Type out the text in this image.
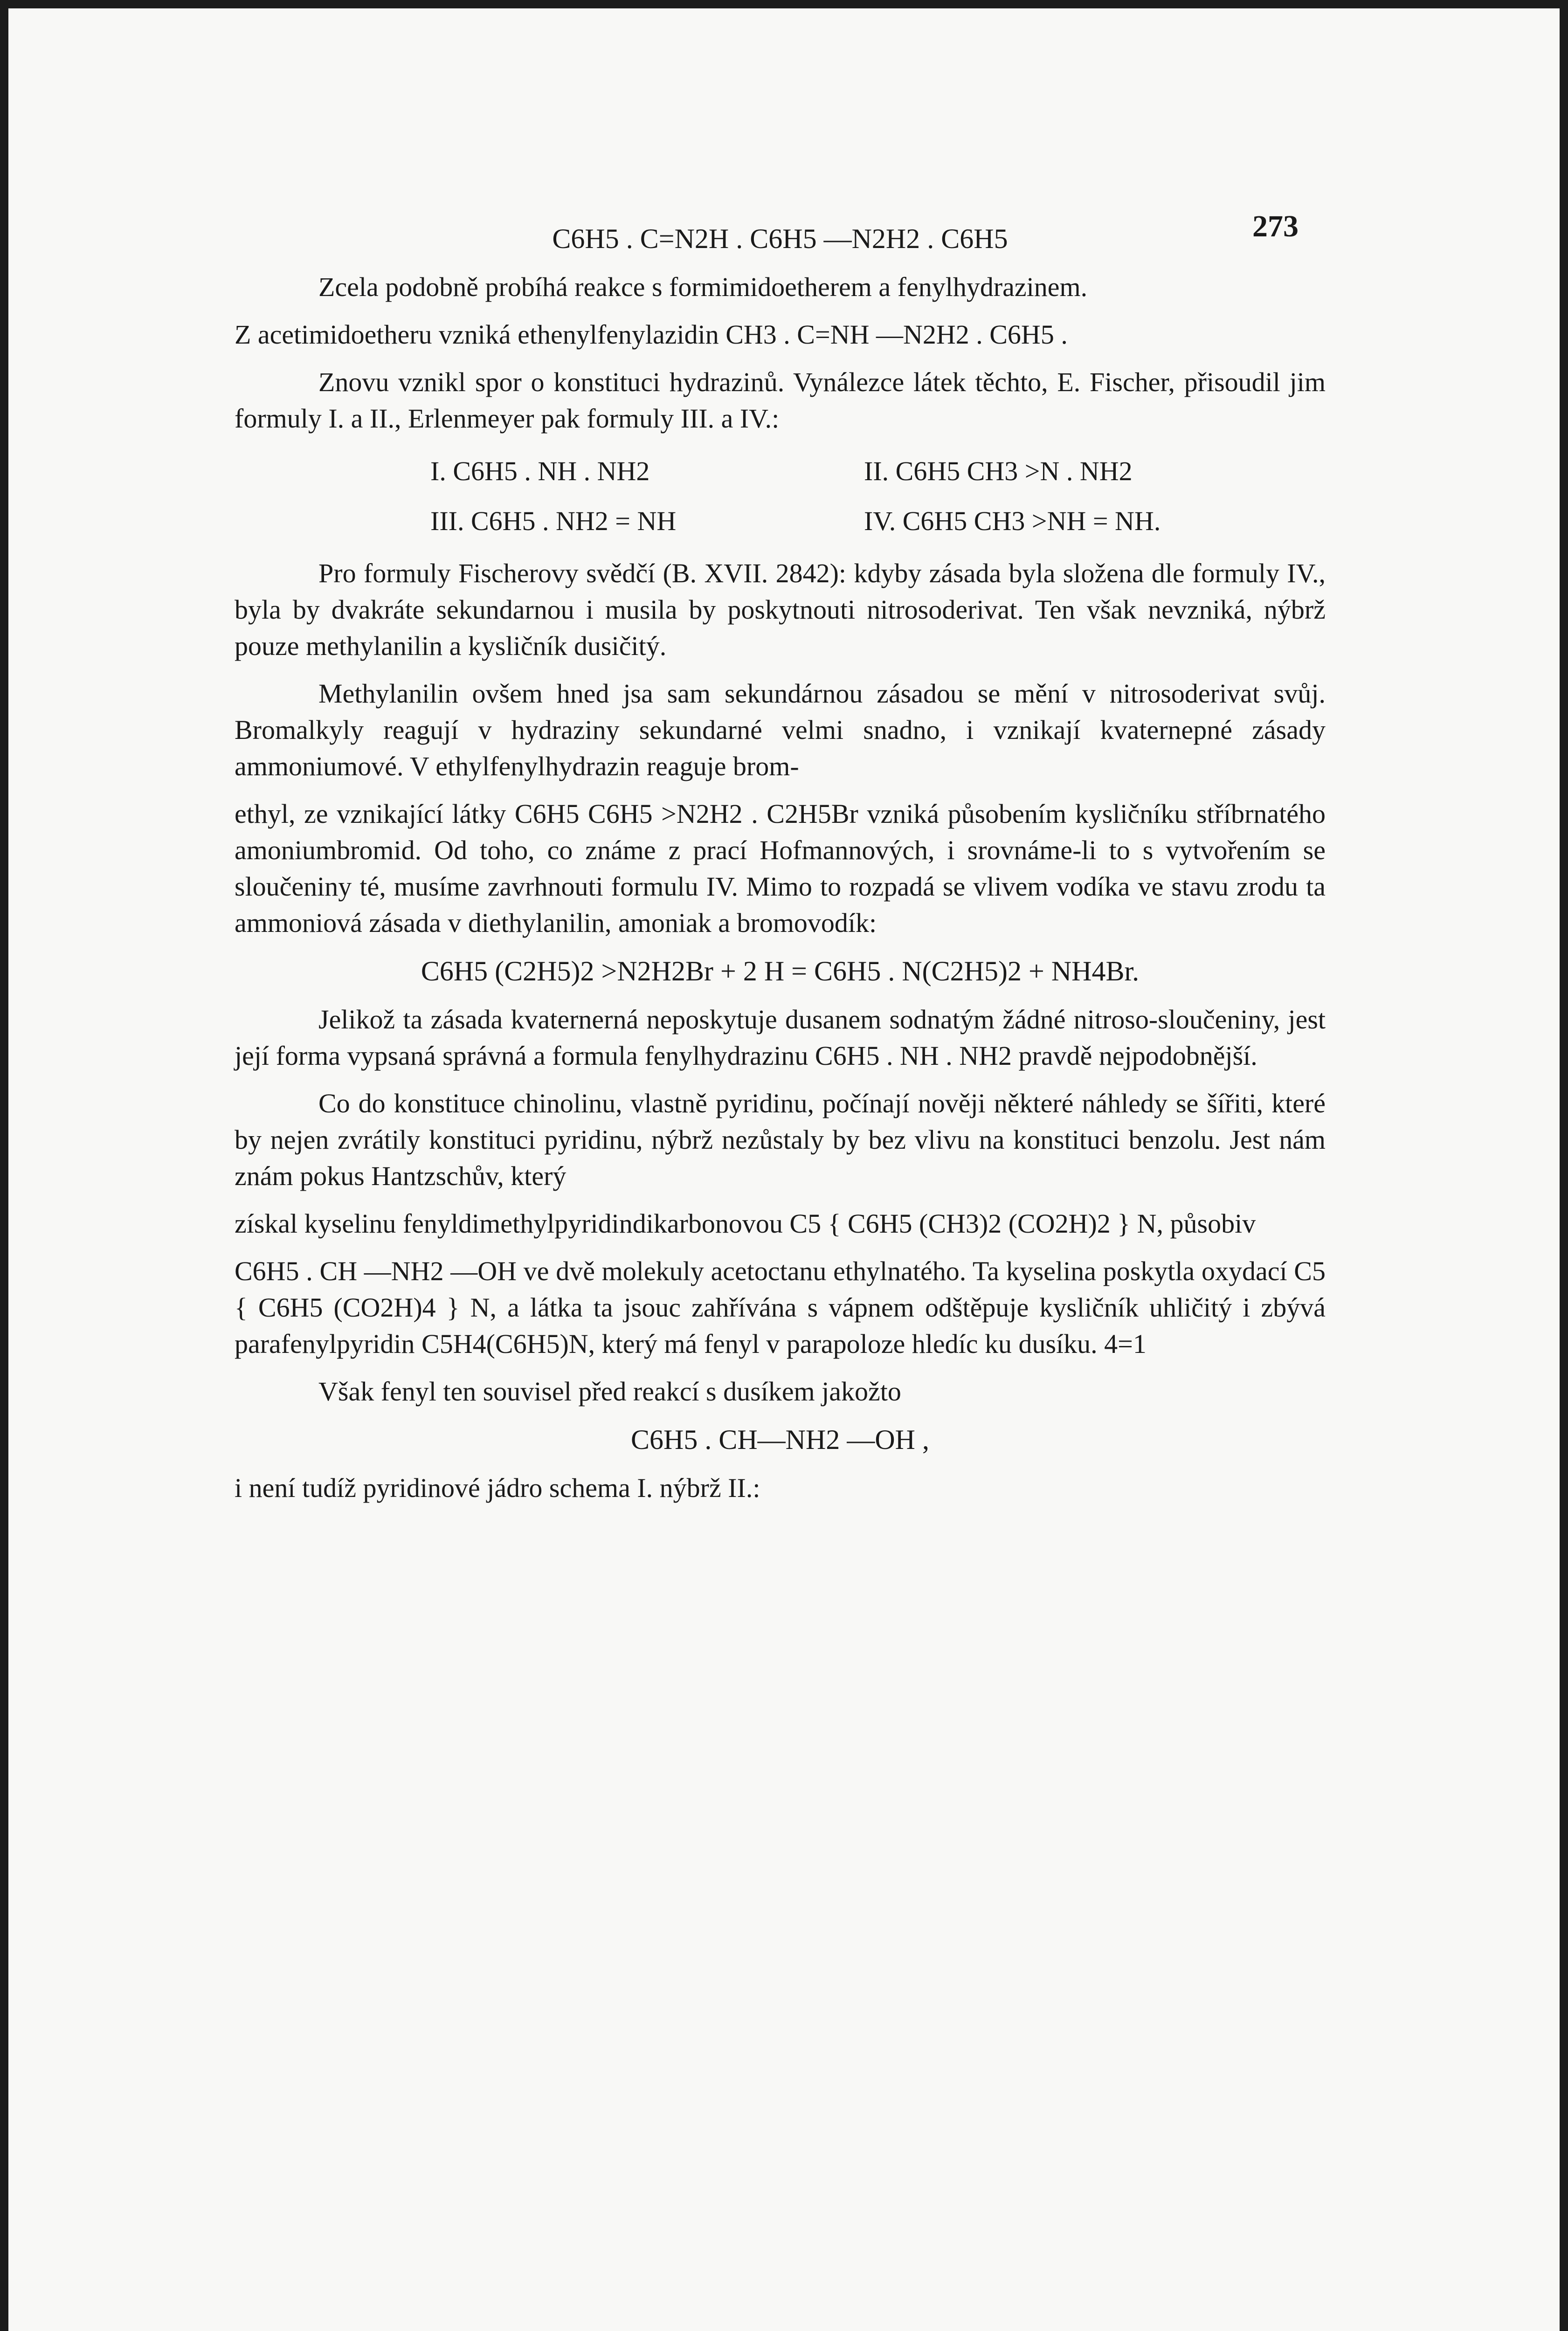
273
C6H5 . C=N2H . C6H5 —N2H2 . C6H5

Zcela podobně probíhá reakce s formimidoetherem a fenylhydrazinem.

Z acetimidoetheru vzniká ethenylfenylazidin CH3 . C=NH —N2H2 . C6H5 .

Znovu vznikl spor o konstituci hydrazinů. Vynálezce látek těchto, E. Fischer, přisoudil jim formuly I. a II., Erlenmeyer pak formuly III. a IV.:

I. C6H5 . NH . NH2	II. C6H5 CH3 >N . NH2
III. C6H5 . NH2 = NH	IV. C6H5 CH3 >NH = NH.

Pro formuly Fischerovy svědčí (B. XVII. 2842): kdyby zásada byla složena dle formuly IV., byla by dvakráte sekundarnou i musila by poskytnouti nitrosoderivat. Ten však nevzniká, nýbrž pouze methylanilin a kysličník dusičitý.

Methylanilin ovšem hned jsa sam sekundárnou zásadou se mění v nitrosoderivat svůj. Bromalkyly reagují v hydraziny sekundarné velmi snadno, i vznikají kvaternepné zásady ammoniumové. V ethylfenylhydrazin reaguje brom-

ethyl, ze vznikající látky C6H5 C6H5 >N2H2 . C2H5Br vzniká působením kysličníku stříbrnatého amoniumbromid. Od toho, co známe z prací Hofmannových, i srovnáme-li to s vytvořením se sloučeniny té, musíme zavrhnouti formulu IV. Mimo to rozpadá se vlivem vodíka ve stavu zrodu ta ammoniová zásada v diethylanilin, amoniak a bromovodík:

C6H5 (C2H5)2 >N2H2Br + 2 H = C6H5 . N(C2H5)2 + NH4Br.

Jelikož ta zásada kvaternerná neposkytuje dusanem sodnatým žádné nitroso-sloučeniny, jest její forma vypsaná správná a formula fenylhydrazinu C6H5 . NH . NH2 pravdě nejpodobnější.

Co do konstituce chinolinu, vlastně pyridinu, počínají nověji některé náhledy se šířiti, které by nejen zvrátily konstituci pyridinu, nýbrž nezůstaly by bez vlivu na konstituci benzolu. Jest nám znám pokus Hantzschův, který

získal kyselinu fenyldimethylpyridindikarbonovou C5 { C6H5 (CH3)2 (CO2H)2 } N, působiv

C6H5 . CH —NH2 —OH ve dvě molekuly acetoctanu ethylnatého. Ta kyselina poskytla oxydací C5 { C6H5 (CO2H)4 } N, a látka ta jsouc zahřívána s vápnem odštěpuje kysličník uhličitý i zbývá parafenylpyridin C5H4(C6H5)N, který má fenyl v parapoloze hledíc ku dusíku. 4=1

Však fenyl ten souvisel před reakcí s dusíkem jakožto

C6H5 . CH—NH2 —OH ,

i není tudíž pyridinové jádro schema I. nýbrž II.:
